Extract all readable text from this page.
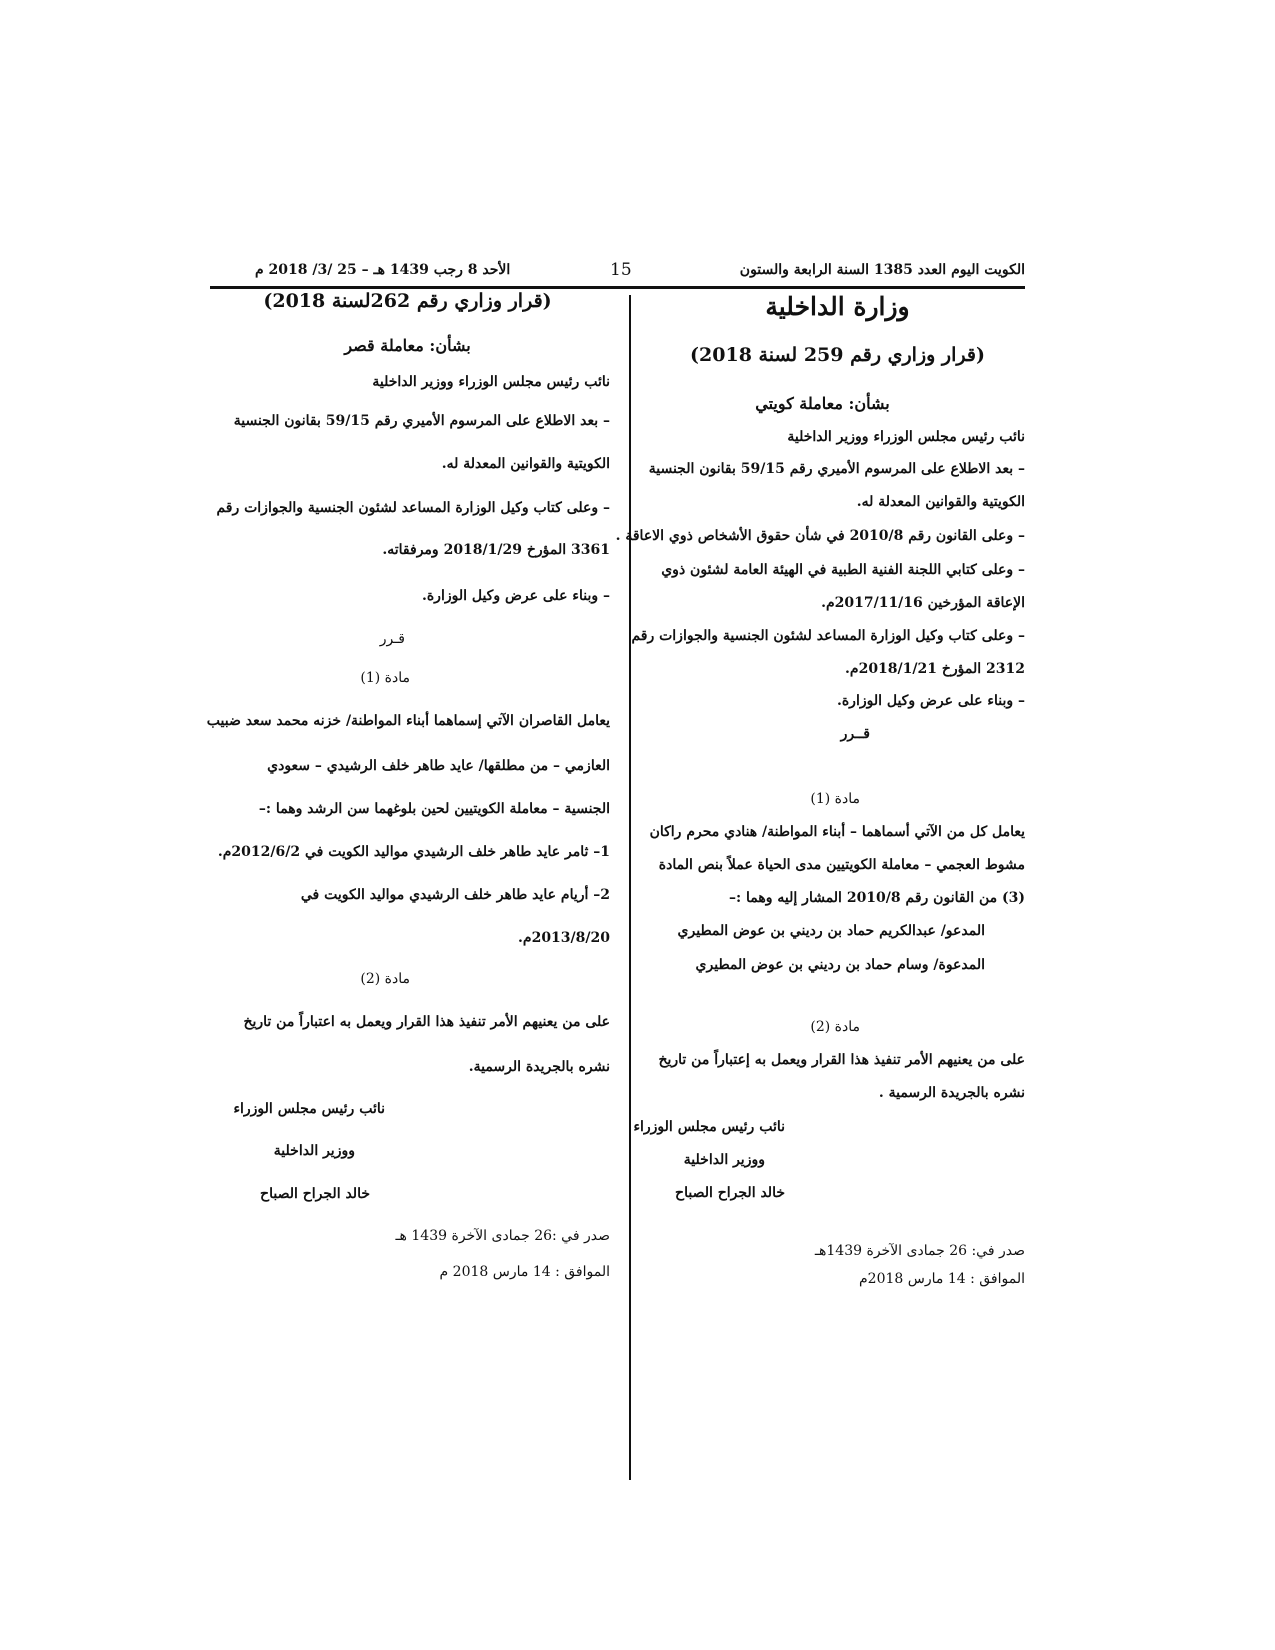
الكويت اليوم العدد 1385 السنة الرابعة والستون
15
الأحد 8 رجب 1439 هـ – 25 /3/ 2018 م

وزارة الداخلية

(قرار وزاري رقم 259 لسنة 2018)

بشأن: معاملة كويتي

نائب رئيس مجلس الوزراء ووزير الداخلية

– بعد الاطلاع على المرسوم الأميري رقم 59/15 بقانون الجنسية

الكويتية والقوانين المعدلة له.

– وعلى القانون رقم 2010/8 في شأن حقوق الأشخاص ذوي الاعاقة .

– وعلى كتابي اللجنة الفنية الطبية في الهيئة العامة لشئون ذوي

الإعاقة المؤرخين 2017/11/16م.

– وعلى كتاب وكيل الوزارة المساعد لشئون الجنسية والجوازات رقم

2312 المؤرخ 2018/1/21م.

– وبناء على عرض وكيل الوزارة.

قــرر

مادة (1)

يعامل كل من الآتي أسماهما – أبناء المواطنة/ هنادي محرم راكان

مشوط العجمي – معاملة الكويتيين مدى الحياة عملاً بنص المادة

(3) من القانون رقم 2010/8 المشار إليه وهما :–

المدعو/ عبدالكريم حماد بن رديني بن عوض المطيري

المدعوة/ وسام حماد بن رديني بن عوض المطيري

مادة (2)

على من يعنيهم الأمر تنفيذ هذا القرار ويعمل به إعتباراً من تاريخ

نشره بالجريدة الرسمية .

نائب رئيس مجلس الوزراء

ووزير الداخلية

خالد الجراح الصباح

صدر في: 26 جمادى الآخرة 1439هـ

الموافق : 14 مارس 2018م

(قرار وزاري رقم 262لسنة 2018)

بشأن: معاملة قصر

نائب رئيس مجلس الوزراء ووزير الداخلية

– بعد الاطلاع على المرسوم الأميري رقم 59/15 بقانون الجنسية

الكويتية والقوانين المعدلة له.

– وعلى كتاب وكيل الوزارة المساعد لشئون الجنسية والجوازات رقم

3361 المؤرخ 2018/1/29 ومرفقاته.

– وبناء على عرض وكيل الوزارة.

قـرر

مادة (1)

يعامل القاصران الآتي إسماهما أبناء المواطنة/ خزنه محمد سعد ضبيب

العازمي – من مطلقها/ عايد طاهر خلف الرشيدي – سعودي

الجنسية – معاملة الكويتيين لحين بلوغهما سن الرشد وهما :–

1– ثامر عايد طاهر خلف الرشيدي مواليد الكويت في 2012/6/2م.

2– أريام عايد طاهر خلف الرشيدي مواليد الكويت في

2013/8/20م.

مادة (2)

على من يعنيهم الأمر تنفيذ هذا القرار ويعمل به اعتباراً من تاريخ

نشره بالجريدة الرسمية.

نائب رئيس مجلس الوزراء

ووزير الداخلية

خالد الجراح الصباح

صدر في :26 جمادى الآخرة 1439 هـ

الموافق : 14 مارس 2018 م
